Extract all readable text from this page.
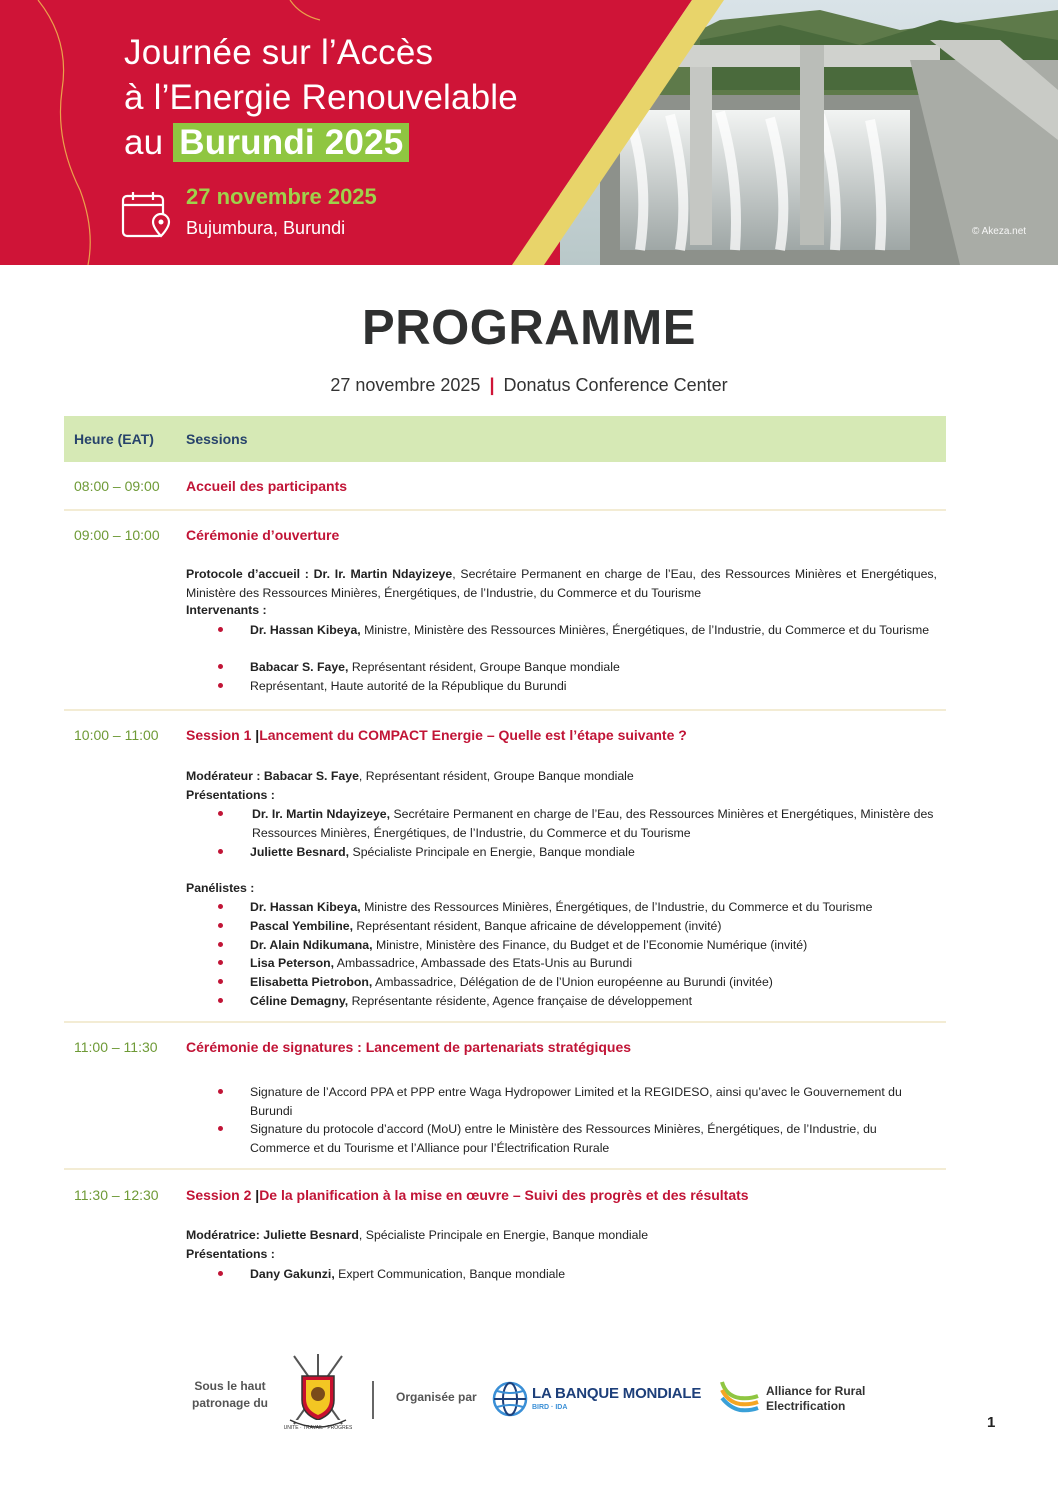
Journée sur l’Accès
à l’Energie Renouvelable
au Burundi 2025
27 novembre 2025
Bujumbura, Burundi	© Akeza.net
PROGRAMME
27 novembre 2025 | Donatus Conference Center
Heure (EAT) Sessions
08:00 – 09:00 Accueil des participants
09:00 – 10:00 Cérémonie d’ouverture
Protocole d’accueil : Dr. Ir. Martin Ndayizeye, Secrétaire Permanent en charge de l’Eau, des Ressources Minières et Energétiques, Ministère des Ressources Minières, Énergétiques, de l’Industrie, du Commerce et du Tourisme
Intervenants :
Dr. Hassan Kibeya, Ministre, Ministère des Ressources Minières, Énergétiques, de l’Industrie, du Commerce et du Tourisme
Babacar S. Faye, Représentant résident, Groupe Banque mondiale
Représentant, Haute autorité de la République du Burundi
10:00 – 11:00 Session 1 |Lancement du COMPACT Energie – Quelle est l’étape suivante ?
Modérateur : Babacar S. Faye, Représentant résident, Groupe Banque mondiale
Présentations :
Dr. Ir. Martin Ndayizeye, Secrétaire Permanent en charge de l’Eau, des Ressources Minières et Energétiques, Ministère des Ressources Minières, Énergétiques, de l’Industrie, du Commerce et du Tourisme
Juliette Besnard, Spécialiste Principale en Energie, Banque mondiale
Panélistes :
Dr. Hassan Kibeya, Ministre des Ressources Minières, Énergétiques, de l’Industrie, du Commerce et du Tourisme
Pascal Yembiline, Représentant résident, Banque africaine de développement (invité)
Dr. Alain Ndikumana, Ministre, Ministère des Finance, du Budget et de l’Economie Numérique (invité)
Lisa Peterson, Ambassadrice, Ambassade des Etats-Unis au Burundi
Elisabetta Pietrobon, Ambassadrice, Délégation de de l’Union européenne au Burundi (invitée)
Céline Demagny, Représentante résidente, Agence française de développement
11:00 – 11:30 Cérémonie de signatures : Lancement de partenariats stratégiques
Signature de l’Accord PPA et PPP entre Waga Hydropower Limited et la REGIDESO, ainsi qu’avec le Gouvernement du Burundi
Signature du protocole d’accord (MoU) entre le Ministère des Ressources Minières, Énergétiques, de l’Industrie, du Commerce et du Tourisme et l’Alliance pour l’Électrification Rurale
11:30 – 12:30 Session 2 |De la planification à la mise en œuvre – Suivi des progrès et des résultats
Modératrice: Juliette Besnard, Spécialiste Principale en Energie, Banque mondiale
Présentations :
Dany Gakunzi, Expert Communication, Banque mondiale
Sous le haut patronage du
UNITE · TRAVAIL · PROGRES
Organisée par	LA BANQUE MONDIALE
BIRD · IDA
Alliance for Rural Electrification
1
